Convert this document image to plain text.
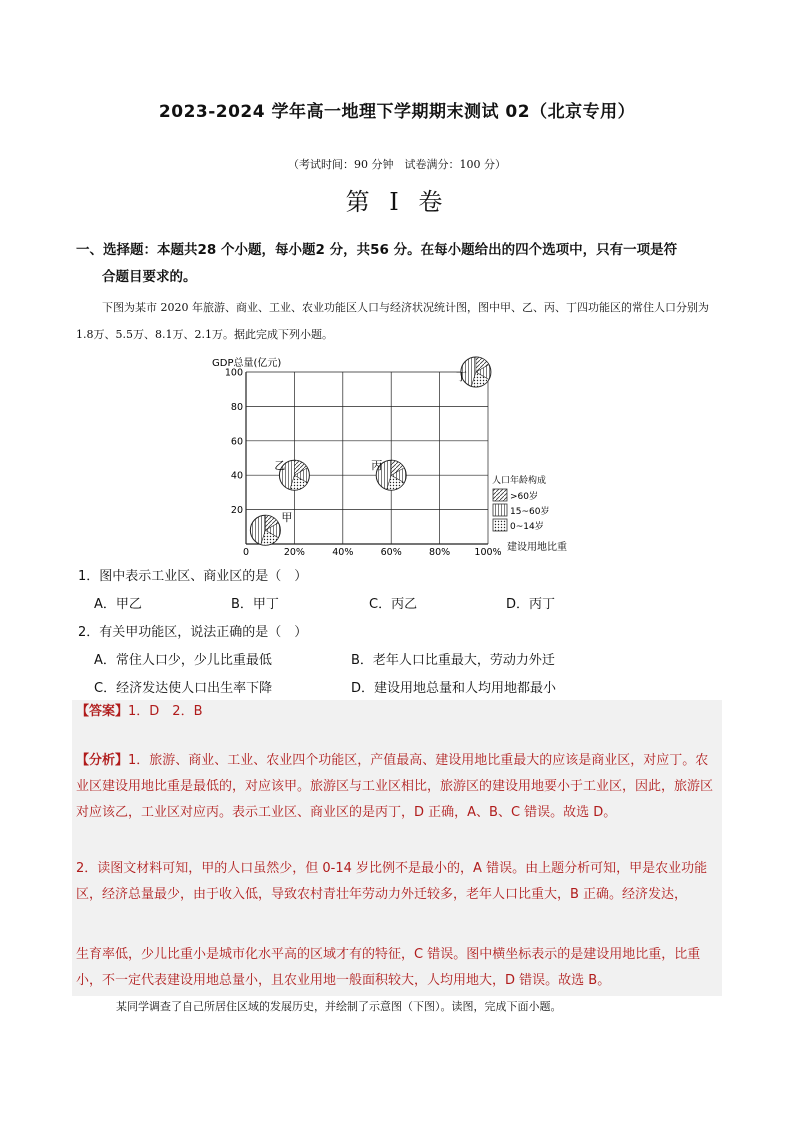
2023-2024 学年高一地理下学期期末测试 02（北京专用）
（考试时间：90 分钟　试卷满分：100 分）
第 I 卷
一、选择题：本题共28 个小题，每小题2 分，共56 分。在每小题给出的四个选项中，只有一项是符
合题目要求的。
下图为某市 2020 年旅游、商业、工业、农业功能区人口与经济状况统计图，图中甲、乙、丙、丁四功能区的常住人口分别为 1.8万、5.5万、8.1万、2.1万。据此完成下列小题。
0	20%	40%	60%	80%	100%
20
40
60
80
100
GDP总量(亿元)
建设用地比重
甲
乙	丙
丁
人口年龄构成
>60岁
15~60岁
0~14岁
1．图中表示工业区、商业区的是（　）
A．甲乙	B．甲丁	C．丙乙	D．丙丁
2．有关甲功能区，说法正确的是（　）
A．常住人口少，少儿比重最低	B．老年人口比重最大，劳动力外迁
C．经济发达使人口出生率下降	D．建设用地总量和人均用地都最小
【答案】1．D　2．B
【分析】1．旅游、商业、工业、农业四个功能区，产值最高、建设用地比重最大的应该是商业区，对应丁。农业区建设用地比重是最低的，对应该甲。旅游区与工业区相比，旅游区的建设用地要小于工业区，因此，旅游区对应该乙，工业区对应丙。表示工业区、商业区的是丙丁，D 正确，A、B、C 错误。故选 D。
2．读图文材料可知，甲的人口虽然少，但 0-14 岁比例不是最小的，A 错误。由上题分析可知，甲是农业功能区，经济总量最少，由于收入低，导致农村青壮年劳动力外迁较多，老年人口比重大，B 正确。经济发达，
生育率低，少儿比重小是城市化水平高的区域才有的特征，C 错误。图中横坐标表示的是建设用地比重，比重小，不一定代表建设用地总量小，且农业用地一般面积较大，人均用地大，D 错误。故选 B。
某同学调查了自己所居住区域的发展历史，并绘制了示意图（下图）。读图，完成下面小题。
